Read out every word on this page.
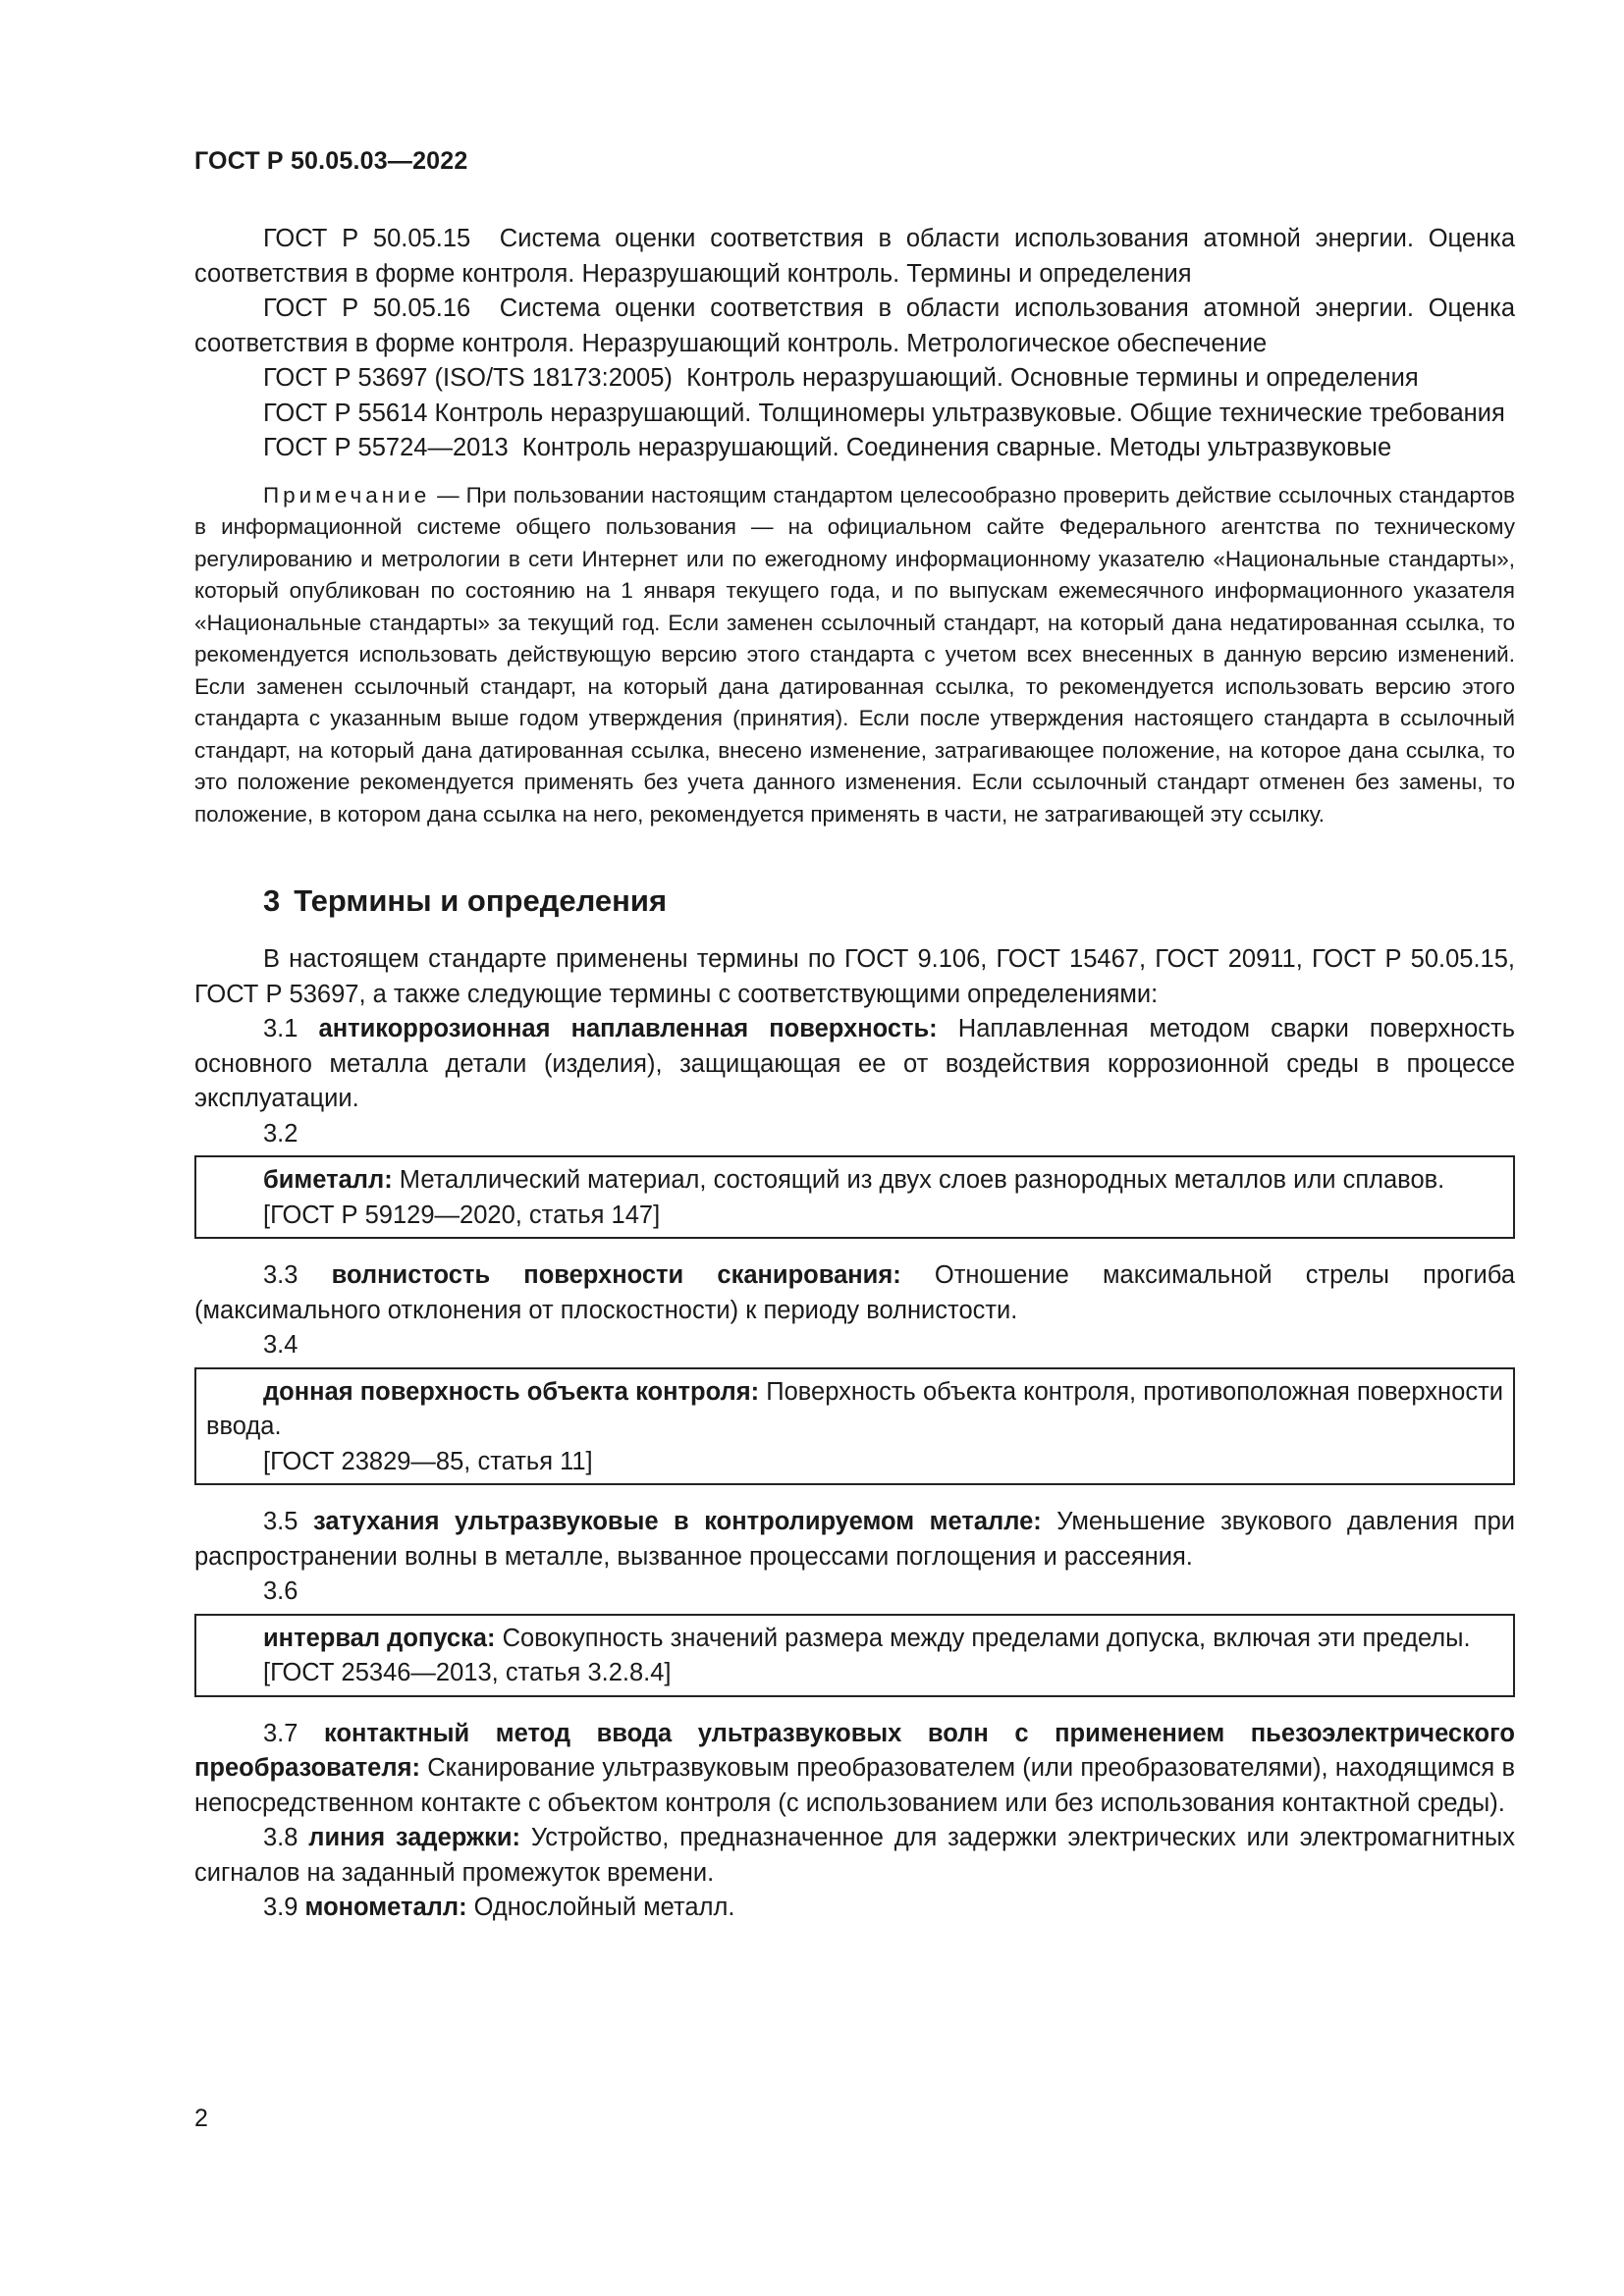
ГОСТ Р 50.05.03—2022

ГОСТ Р 50.05.15 Система оценки соответствия в области использования атомной энергии. Оценка соответствия в форме контроля. Неразрушающий контроль. Термины и определения

ГОСТ Р 50.05.16 Система оценки соответствия в области использования атомной энергии. Оценка соответствия в форме контроля. Неразрушающий контроль. Метрологическое обеспечение

ГОСТ Р 53697 (ISO/TS 18173:2005) Контроль неразрушающий. Основные термины и определения

ГОСТ Р 55614 Контроль неразрушающий. Толщиномеры ультразвуковые. Общие технические требования

ГОСТ Р 55724—2013 Контроль неразрушающий. Соединения сварные. Методы ультразвуковые

Примечание — При пользовании настоящим стандартом целесообразно проверить действие ссылочных стандартов в информационной системе общего пользования — на официальном сайте Федерального агентства по техническому регулированию и метрологии в сети Интернет или по ежегодному информационному указателю «Национальные стандарты», который опубликован по состоянию на 1 января текущего года, и по выпускам ежемесячного информационного указателя «Национальные стандарты» за текущий год. Если заменен ссылочный стандарт, на который дана недатированная ссылка, то рекомендуется использовать действующую версию этого стандарта с учетом всех внесенных в данную версию изменений. Если заменен ссылочный стандарт, на который дана датированная ссылка, то рекомендуется использовать версию этого стандарта с указанным выше годом утверждения (принятия). Если после утверждения настоящего стандарта в ссылочный стандарт, на который дана датированная ссылка, внесено изменение, затрагивающее положение, на которое дана ссылка, то это положение рекомендуется применять без учета данного изменения. Если ссылочный стандарт отменен без замены, то положение, в котором дана ссылка на него, рекомендуется применять в части, не затрагивающей эту ссылку.

3 Термины и определения

В настоящем стандарте применены термины по ГОСТ 9.106, ГОСТ 15467, ГОСТ 20911, ГОСТ Р 50.05.15, ГОСТ Р 53697, а также следующие термины с соответствующими определениями:

3.1 антикоррозионная наплавленная поверхность: Наплавленная методом сварки поверхность основного металла детали (изделия), защищающая ее от воздействия коррозионной среды в процессе эксплуатации.

3.2

биметалл: Металлический материал, состоящий из двух слоев разнородных металлов или сплавов.

[ГОСТ Р 59129—2020, статья 147]

3.3 волнистость поверхности сканирования: Отношение максимальной стрелы прогиба (максимального отклонения от плоскостности) к периоду волнистости.

3.4

донная поверхность объекта контроля: Поверхность объекта контроля, противоположная поверхности ввода.

[ГОСТ 23829—85, статья 11]

3.5 затухания ультразвуковые в контролируемом металле: Уменьшение звукового давления при распространении волны в металле, вызванное процессами поглощения и рассеяния.

3.6

интервал допуска: Совокупность значений размера между пределами допуска, включая эти пределы.

[ГОСТ 25346—2013, статья 3.2.8.4]

3.7 контактный метод ввода ультразвуковых волн с применением пьезоэлектрического преобразователя: Сканирование ультразвуковым преобразователем (или преобразователями), находящимся в непосредственном контакте с объектом контроля (с использованием или без использования контактной среды).

3.8 линия задержки: Устройство, предназначенное для задержки электрических или электромагнитных сигналов на заданный промежуток времени.

3.9 монометалл: Однослойный металл.

2
